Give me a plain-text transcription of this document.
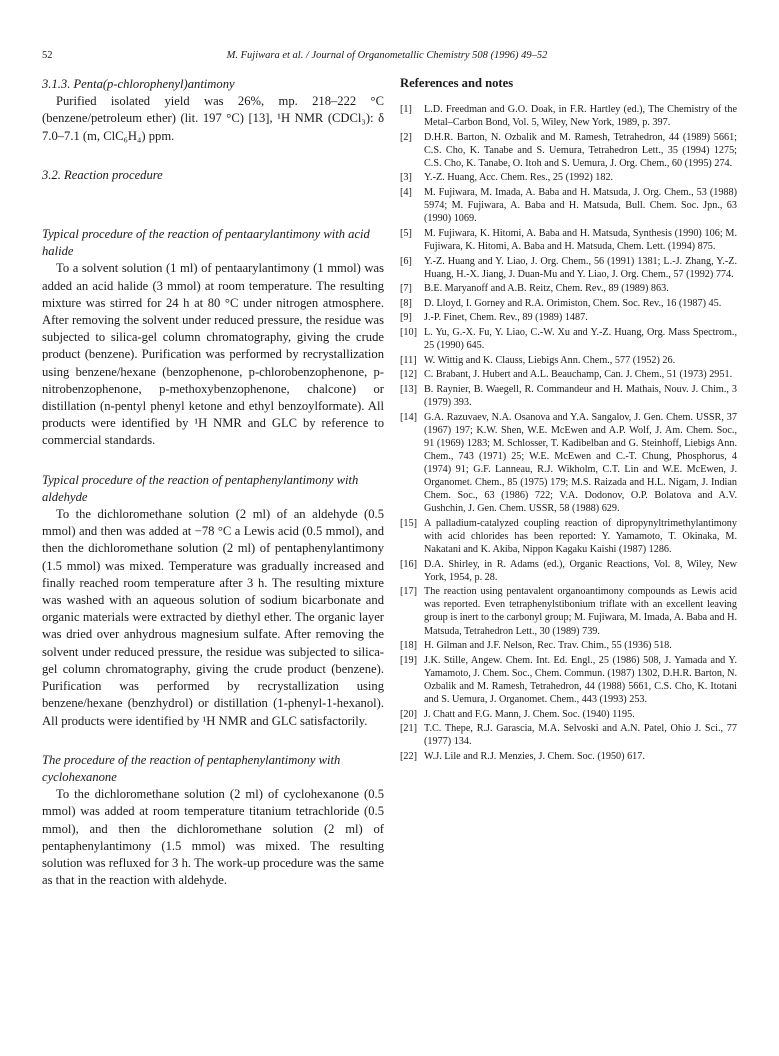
52	M. Fujiwara et al. / Journal of Organometallic Chemistry 508 (1996) 49–52

3.1.3. Penta(p-chlorophenyl)antimony

Purified isolated yield was 26%, mp. 218–222 °C (benzene/petroleum ether) (lit. 197 °C) [13], ¹H NMR (CDCl₃): δ 7.0–7.1 (m, ClC₆H₄) ppm.

3.2. Reaction procedure

Typical procedure of the reaction of pentaarylantimony with acid halide

To a solvent solution (1 ml) of pentaarylantimony (1 mmol) was added an acid halide (3 mmol) at room temperature. The resulting mixture was stirred for 24 h at 80 °C under nitrogen atmosphere. After removing the solvent under reduced pressure, the residue was subjected to silica-gel column chromatography, giving the crude product (benzene). Purification was performed by recrystallization using benzene/hexane (benzophenone, p-chlorobenzophenone, p-nitrobenzophenone, p-methoxybenzophenone, chalcone) or distillation (n-pentyl phenyl ketone and ethyl benzoylformate). All products were identified by ¹H NMR and GLC by reference to commercial standards.

Typical procedure of the reaction of pentaphenylantimony with aldehyde

To the dichloromethane solution (2 ml) of an aldehyde (0.5 mmol) and then was added at −78 °C a Lewis acid (0.5 mmol), and then the dichloromethane solution (2 ml) of pentaphenylantimony (1.5 mmol) was mixed. Temperature was gradually increased and finally reached room temperature after 3 h. The resulting mixture was washed with an aqueous solution of sodium bicarbonate and organic materials were extracted by diethyl ether. The organic layer was dried over anhydrous magnesium sulfate. After removing the solvent under reduced pressure, the residue was subjected to silica-gel column chromatography, giving the crude product (benzene). Purification was performed by recrystallization using benzene/hexane (benzhydrol) or distillation (1-phenyl-1-hexanol). All products were identified by ¹H NMR and GLC satisfactorily.

The procedure of the reaction of pentaphenylantimony with cyclohexanone

To the dichloromethane solution (2 ml) of cyclohexanone (0.5 mmol) was added at room temperature titanium tetrachloride (0.5 mmol), and then the dichloromethane solution (2 ml) of pentaphenylantimony (1.5 mmol) was mixed. The resulting solution was refluxed for 3 h. The work-up procedure was the same as that in the reaction with aldehyde.

References and notes

[1] L.D. Freedman and G.O. Doak, in F.R. Hartley (ed.), The Chemistry of the Metal–Carbon Bond, Vol. 5, Wiley, New York, 1989, p. 397.
[2] D.H.R. Barton, N. Ozbalik and M. Ramesh, Tetrahedron, 44 (1989) 5661; C.S. Cho, K. Tanabe and S. Uemura, Tetrahedron Lett., 35 (1994) 1275; C.S. Cho, K. Tanabe, O. Itoh and S. Uemura, J. Org. Chem., 60 (1995) 274.
[3] Y.-Z. Huang, Acc. Chem. Res., 25 (1992) 182.
[4] M. Fujiwara, M. Imada, A. Baba and H. Matsuda, J. Org. Chem., 53 (1988) 5974; M. Fujiwara, A. Baba and H. Matsuda, Bull. Chem. Soc. Jpn., 63 (1990) 1069.
[5] M. Fujiwara, K. Hitomi, A. Baba and H. Matsuda, Synthesis (1990) 106; M. Fujiwara, K. Hitomi, A. Baba and H. Matsuda, Chem. Lett. (1994) 875.
[6] Y.-Z. Huang and Y. Liao, J. Org. Chem., 56 (1991) 1381; L.-J. Zhang, Y.-Z. Huang, H.-X. Jiang, J. Duan-Mu and Y. Liao, J. Org. Chem., 57 (1992) 774.
[7] B.E. Maryanoff and A.B. Reitz, Chem. Rev., 89 (1989) 863.
[8] D. Lloyd, I. Gorney and R.A. Orimiston, Chem. Soc. Rev., 16 (1987) 45.
[9] J.-P. Finet, Chem. Rev., 89 (1989) 1487.
[10] L. Yu, G.-X. Fu, Y. Liao, C.-W. Xu and Y.-Z. Huang, Org. Mass Spectrom., 25 (1990) 645.
[11] W. Wittig and K. Clauss, Liebigs Ann. Chem., 577 (1952) 26.
[12] C. Brabant, J. Hubert and A.L. Beauchamp, Can. J. Chem., 51 (1973) 2951.
[13] B. Raynier, B. Waegell, R. Commandeur and H. Mathais, Nouv. J. Chim., 3 (1979) 393.
[14] G.A. Razuvaev, N.A. Osanova and Y.A. Sangalov, J. Gen. Chem. USSR, 37 (1967) 197; K.W. Shen, W.E. McEwen and A.P. Wolf, J. Am. Chem. Soc., 91 (1969) 1283; M. Schlosser, T. Kadibelban and G. Steinhoff, Liebigs Ann. Chem., 743 (1971) 25; W.E. McEwen and C.-T. Chung, Phosphorus, 4 (1974) 91; G.F. Lanneau, R.J. Wikholm, C.T. Lin and W.E. McEwen, J. Organomet. Chem., 85 (1975) 179; M.S. Raizada and H.L. Nigam, J. Indian Chem. Soc., 63 (1986) 722; V.A. Dodonov, O.P. Bolatova and A.V. Gushchin, J. Gen. Chem. USSR, 58 (1988) 629.
[15] A palladium-catalyzed coupling reaction of dipropynyltrimethylantimony with acid chlorides has been reported: Y. Yamamoto, T. Okinaka, M. Nakatani and K. Akiba, Nippon Kagaku Kaishi (1987) 1286.
[16] D.A. Shirley, in R. Adams (ed.), Organic Reactions, Vol. 8, Wiley, New York, 1954, p. 28.
[17] The reaction using pentavalent organoantimony compounds as Lewis acid was reported. Even tetraphenylstibonium triflate with an excellent leaving group is inert to the carbonyl group; M. Fujiwara, M. Imada, A. Baba and H. Matsuda, Tetrahedron Lett., 30 (1989) 739.
[18] H. Gilman and J.F. Nelson, Rec. Trav. Chim., 55 (1936) 518.
[19] J.K. Stille, Angew. Chem. Int. Ed. Engl., 25 (1986) 508, J. Yamada and Y. Yamamoto, J. Chem. Soc., Chem. Commun. (1987) 1302, D.H.R. Barton, N. Ozbalik and M. Ramesh, Tetrahedron, 44 (1988) 5661, C.S. Cho, K. Itotani and S. Uemura, J. Organomet. Chem., 443 (1993) 253.
[20] J. Chatt and F.G. Mann, J. Chem. Soc. (1940) 1195.
[21] T.C. Thepe, R.J. Garascia, M.A. Selvoski and A.N. Patel, Ohio J. Sci., 77 (1977) 134.
[22] W.J. Lile and R.J. Menzies, J. Chem. Soc. (1950) 617.
